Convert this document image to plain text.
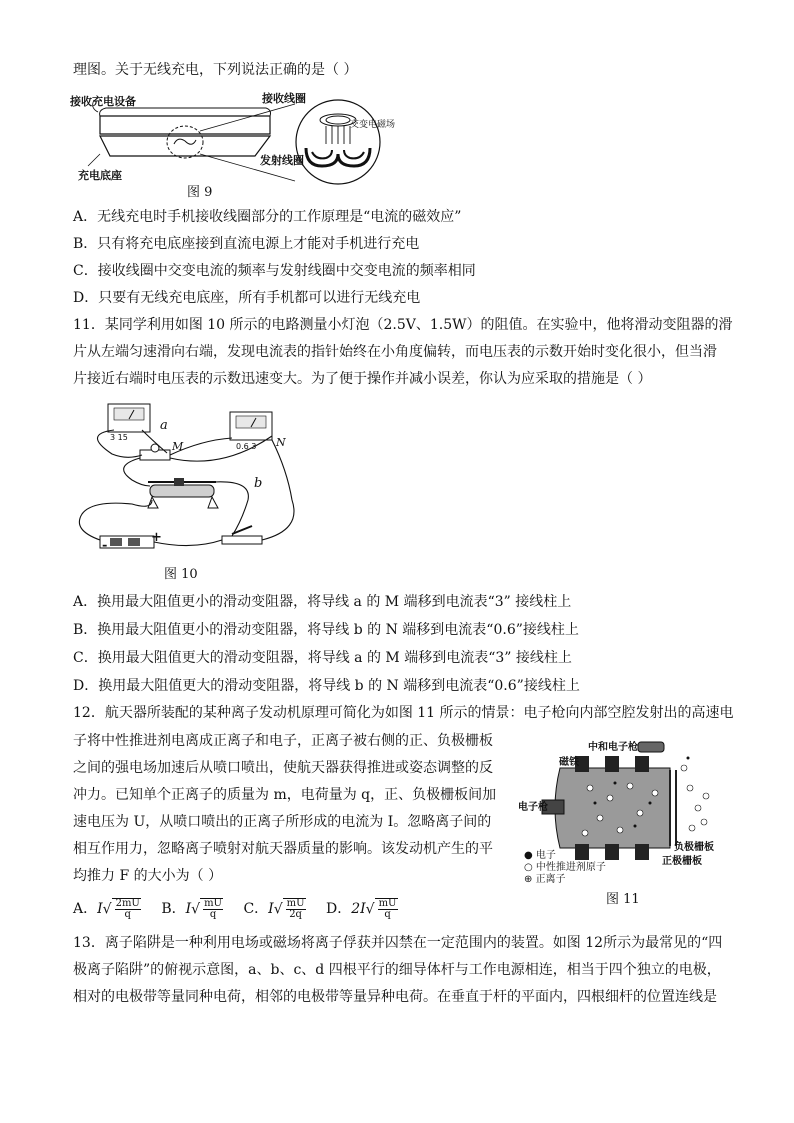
理图。关于无线充电，下列说法正确的是（ ）
接收充电设备
充电底座
接收线圈
交变电磁场
发射线圈
图 9
A．无线充电时手机接收线圈部分的工作原理是“电流的磁效应”
B．只有将充电底座接到直流电源上才能对手机进行充电
C．接收线圈中交变电流的频率与发射线圈中交变电流的频率相同
D．只要有无线充电底座，所有手机都可以进行无线充电
11．某同学利用如图 10 所示的电路测量小灯泡（2.5V、1.5W）的阻值。在实验中，他将滑动变阻器的滑
片从左端匀速滑向右端，发现电流表的指针始终在小角度偏转，而电压表的示数开始时变化很小，但当滑
片接近右端时电压表的示数迅速变大。为了便于操作并减小误差，你认为应采取的措施是（ ）
3 15
0.6 3
a
M	N
b
-
+
图 10
A．换用最大阻值更小的滑动变阻器，将导线 a 的 M 端移到电流表“3” 接线柱上
B．换用最大阻值更小的滑动变阻器，将导线 b 的 N 端移到电流表“0.6”接线柱上
C．换用最大阻值更大的滑动变阻器，将导线 a 的 M 端移到电流表“3” 接线柱上
D．换用最大阻值更大的滑动变阻器，将导线 b 的 N 端移到电流表“0.6”接线柱上
12．航天器所装配的某种离子发动机原理可简化为如图 11 所示的情景：电子枪向内部空腔发射出的高速电
子将中性推进剂电离成正离子和电子，正离子被右侧的正、负极栅板
之间的强电场加速后从喷口喷出，使航天器获得推进或姿态调整的反
冲力。已知单个正离子的质量为 m，电荷量为 q，正、负极栅板间加
速电压为 U，从喷口喷出的正离子所形成的电流为 I。忽略离子间的
相互作用力，忽略离子喷射对航天器质量的影响。该发动机产生的平
均推力 F 的大小为（ ）
中和电子枪
磁铁
电子枪
负极栅板
正极栅板
● 电子
○ 中性推进剂原子
⊕ 正离子
图 11
A．$I√ \frac{2mU}{q}$ B．$I√ \frac{mU}{q}$ C．$I√ \frac{mU}{2q}$ D．$2I√ \frac{mU}{q}$
13．离子陷阱是一种利用电场或磁场将离子俘获并囚禁在一定范围内的装置。如图 12所示为最常见的“四
极离子陷阱”的俯视示意图，a、b、c、d 四根平行的细导体杆与工作电源相连，相当于四个独立的电极，
相对的电极带等量同种电荷，相邻的电极带等量异种电荷。在垂直于杆的平面内，四根细杆的位置连线是
